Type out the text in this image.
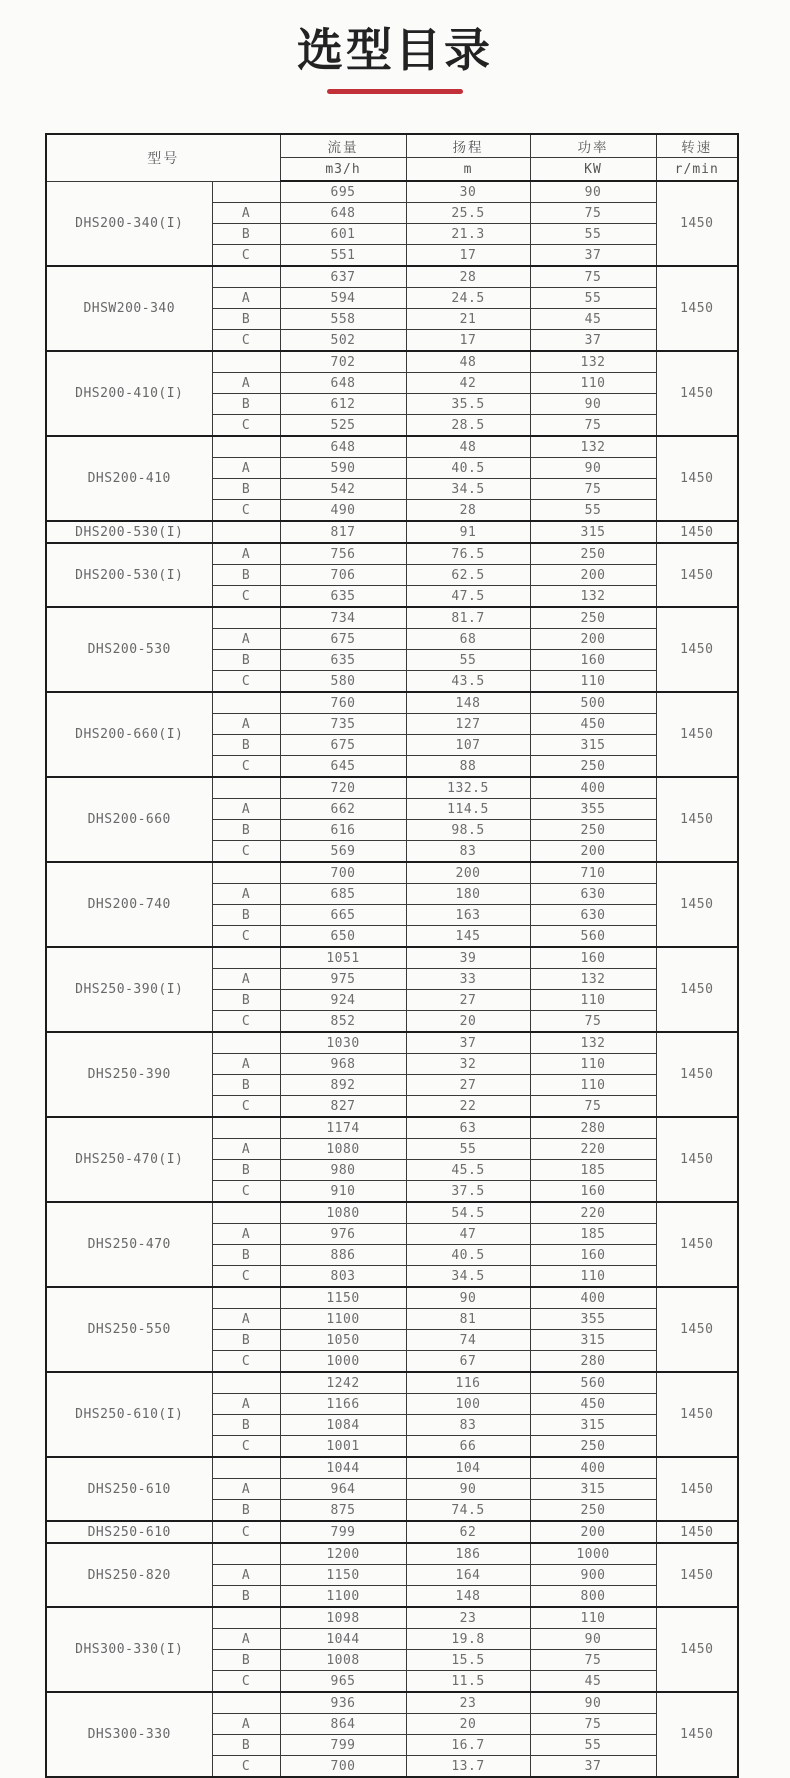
选型目录
型号		流量	扬程	功率	转速
		m3/h	m	KW	r/min
DHS200-340(I)		695	30	90	1450
	A	648	25.5	75	
	B	601	21.3	55	
	C	551	17	37	
DHSW200-340		637	28	75	1450
	A	594	24.5	55	
	B	558	21	45	
	C	502	17	37	
DHS200-410(I)		702	48	132	1450
	A	648	42	110	
	B	612	35.5	90	
	C	525	28.5	75	
DHS200-410		648	48	132	1450
	A	590	40.5	90	
	B	542	34.5	75	
	C	490	28	55	
DHS200-530(I)		817	91	315	1450
DHS200-530(I)	A	756	76.5	250	1450
	B	706	62.5	200	
	C	635	47.5	132	
DHS200-530		734	81.7	250	1450
	A	675	68	200	
	B	635	55	160	
	C	580	43.5	110	
DHS200-660(I)		760	148	500	1450
	A	735	127	450	
	B	675	107	315	
	C	645	88	250	
DHS200-660		720	132.5	400	1450
	A	662	114.5	355	
	B	616	98.5	250	
	C	569	83	200	
DHS200-740		700	200	710	1450
	A	685	180	630	
	B	665	163	630	
	C	650	145	560	
DHS250-390(I)		1051	39	160	1450
	A	975	33	132	
	B	924	27	110	
	C	852	20	75	
DHS250-390		1030	37	132	1450
	A	968	32	110	
	B	892	27	110	
	C	827	22	75	
DHS250-470(I)		1174	63	280	1450
	A	1080	55	220	
	B	980	45.5	185	
	C	910	37.5	160	
DHS250-470		1080	54.5	220	1450
	A	976	47	185	
	B	886	40.5	160	
	C	803	34.5	110	
DHS250-550		1150	90	400	1450
	A	1100	81	355	
	B	1050	74	315	
	C	1000	67	280	
DHS250-610(I)		1242	116	560	1450
	A	1166	100	450	
	B	1084	83	315	
	C	1001	66	250	
DHS250-610		1044	104	400	1450
	A	964	90	315	
	B	875	74.5	250	
DHS250-610	C	799	62	200	1450
DHS250-820		1200	186	1000	1450
	A	1150	164	900	
	B	1100	148	800	
DHS300-330(I)		1098	23	110	1450
	A	1044	19.8	90	
	B	1008	15.5	75	
	C	965	11.5	45	
DHS300-330		936	23	90	1450
	A	864	20	75	
	B	799	16.7	55	
	C	700	13.7	37	
